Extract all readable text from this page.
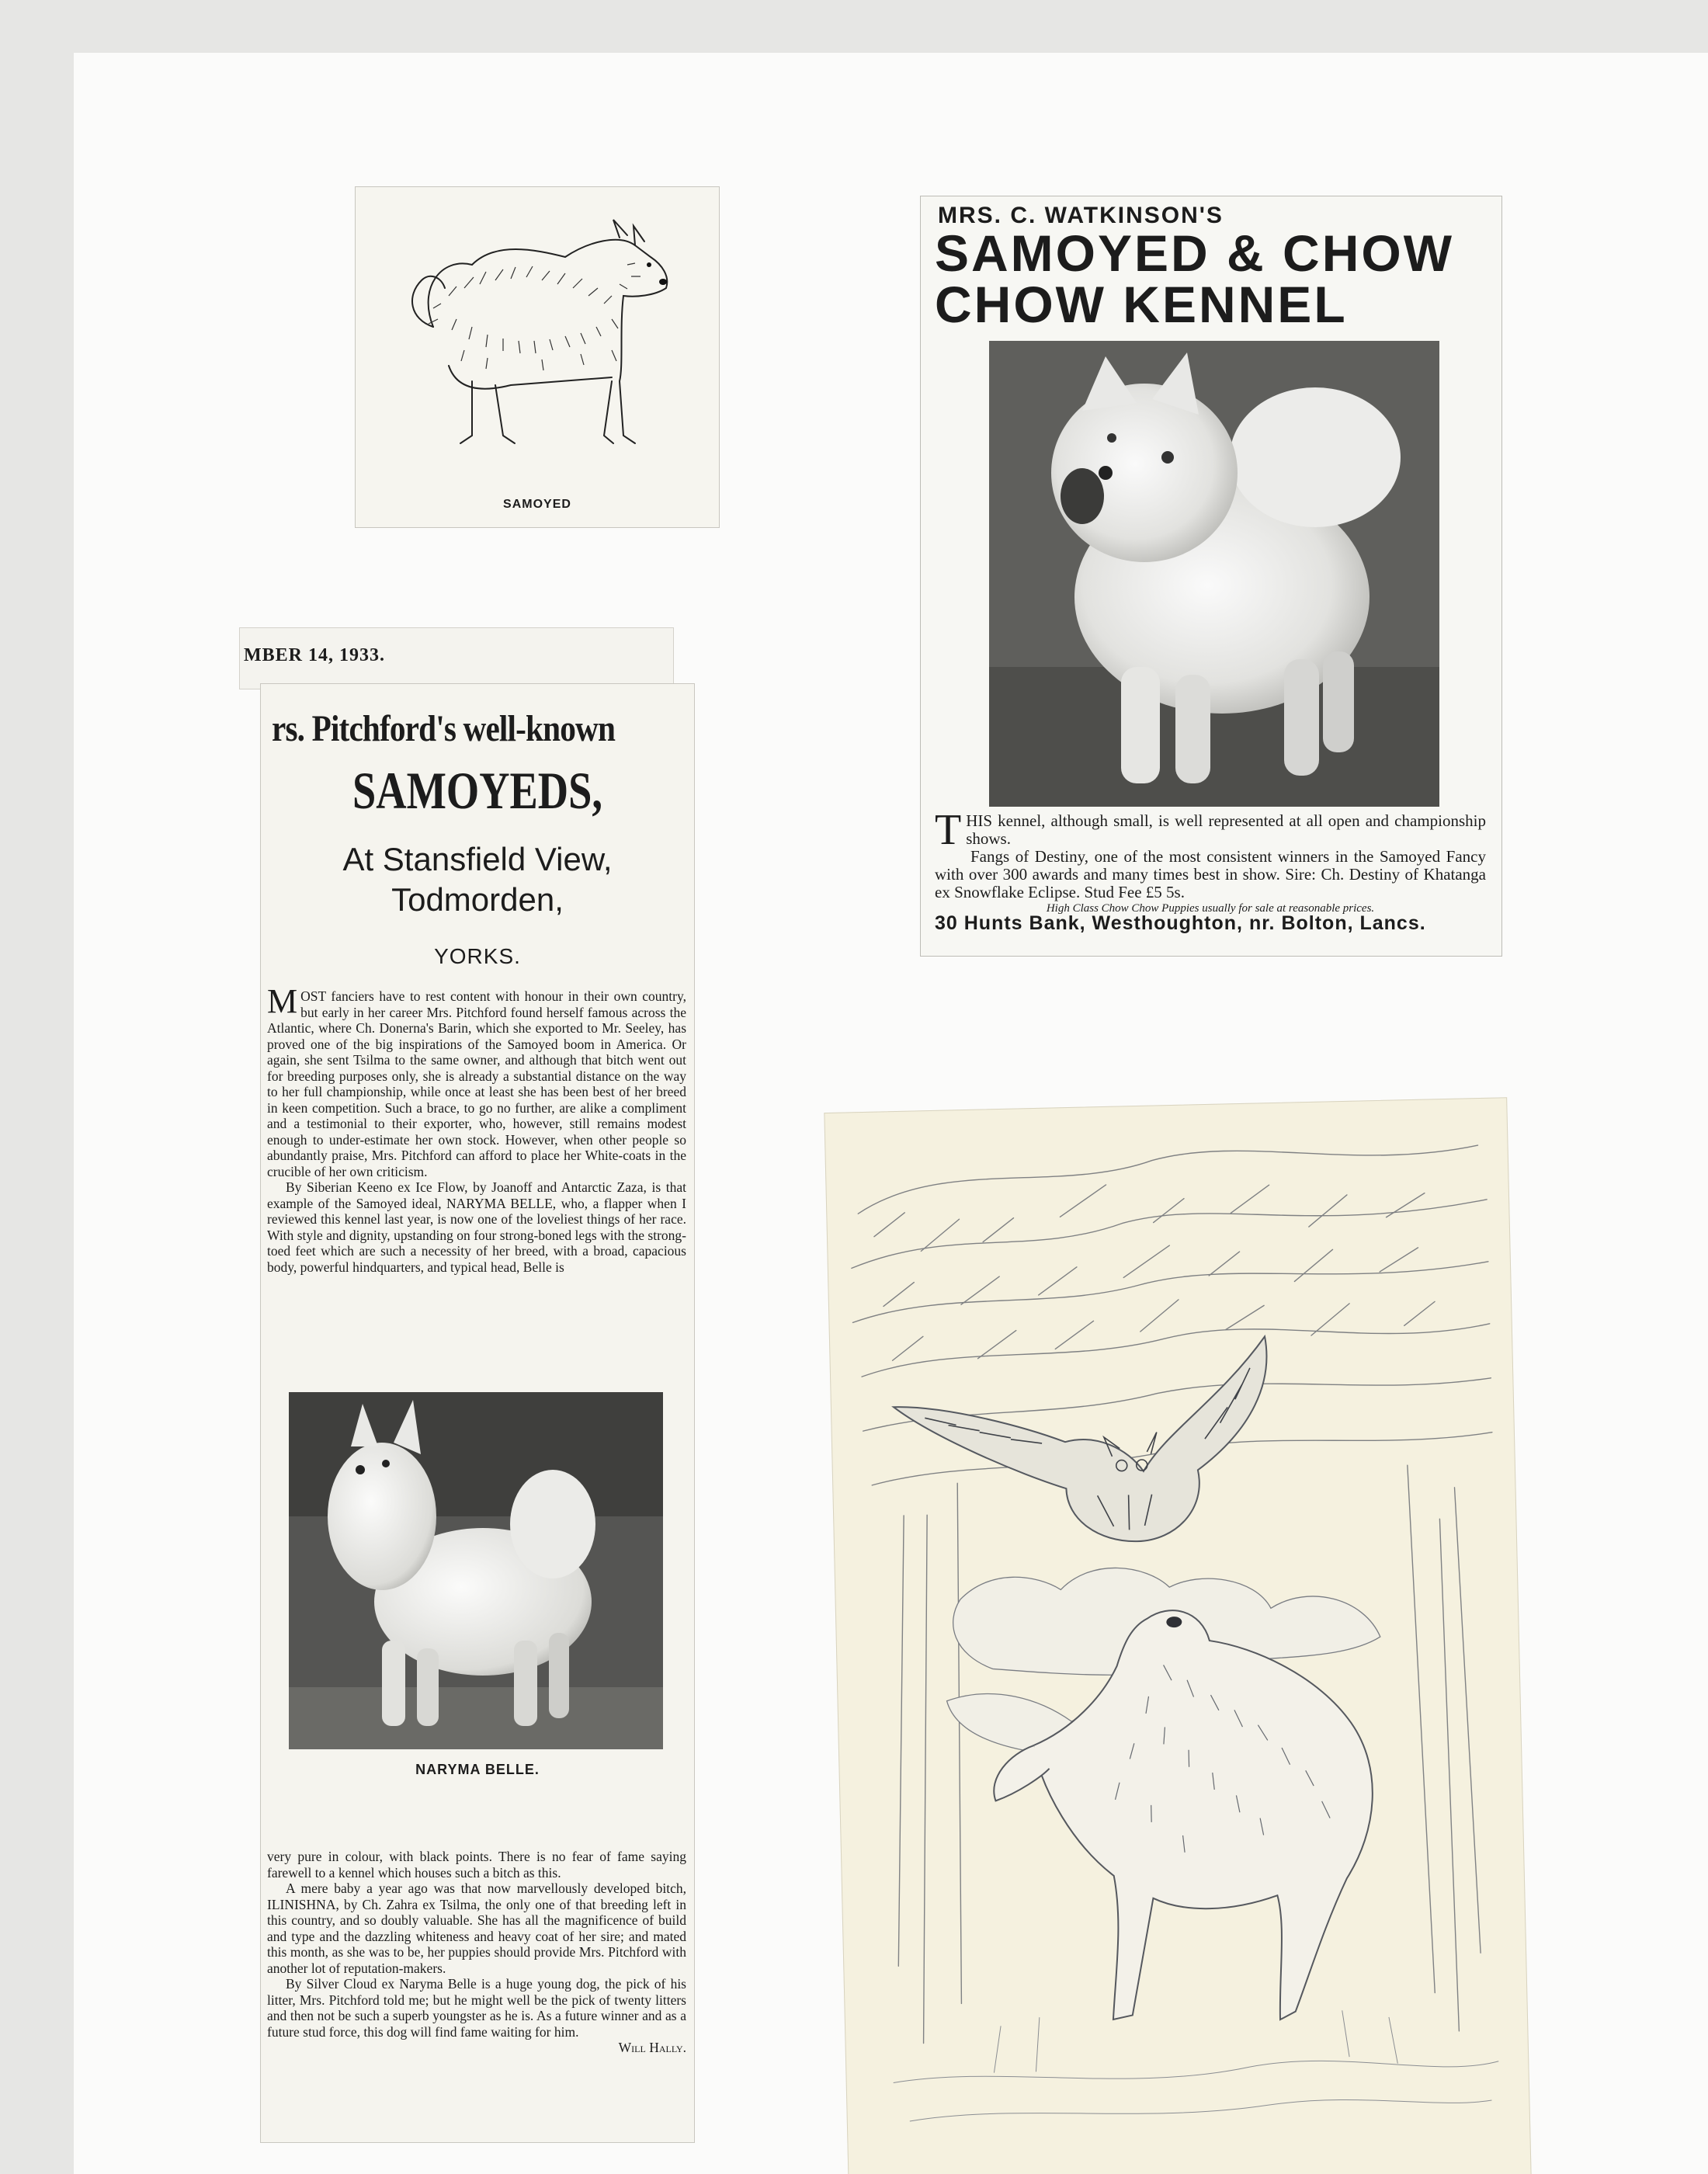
SAMOYED
MRS. C. WATKINSON'S
SAMOYED & CHOW
CHOW KENNEL
T HIS kennel, although small, is well represented at all open and championship shows.

Fangs of Destiny, one of the most consistent winners in the Samoyed Fancy with over 300 awards and many times best in show. Sire: Ch. Destiny of Khatanga ex Snowflake Eclipse. Stud Fee £5 5s.

High Class Chow Chow Puppies usually for sale at reasonable prices.

30 Hunts Bank, Westhoughton, nr. Bolton, Lancs.
MBER 14, 1933.
rs. Pitchford's well-known
SAMOYEDS,
At Stansfield View,
Todmorden,
YORKS.

MOST fanciers have to rest content with honour in their own country, but early in her career Mrs. Pitchford found herself famous across the Atlantic, where Ch. Donerna's Barin, which she exported to Mr. Seeley, has proved one of the big inspirations of the Samoyed boom in America. Or again, she sent Tsilma to the same owner, and although that bitch went out for breeding purposes only, she is already a substantial distance on the way to her full championship, while once at least she has been best of her breed in keen competition. Such a brace, to go no further, are alike a compliment and a testimonial to their exporter, who, however, still remains modest enough to under-estimate her own stock. However, when other people so abundantly praise, Mrs. Pitchford can afford to place her White-coats in the crucible of her own criticism.

By Siberian Keeno ex Ice Flow, by Joanoff and Antarctic Zaza, is that example of the Samoyed ideal, NARYMA BELLE, who, a flapper when I reviewed this kennel last year, is now one of the loveliest things of her race. With style and dignity, upstanding on four strong-boned legs with the strong-toed feet which are such a necessity of her breed, with a broad, capacious body, powerful hindquarters, and typical head, Belle is

NARYMA BELLE.

very pure in colour, with black points. There is no fear of fame saying farewell to a kennel which houses such a bitch as this.

A mere baby a year ago was that now marvellously developed bitch, ILINISHNA, by Ch. Zahra ex Tsilma, the only one of that breeding left in this country, and so doubly valuable. She has all the magnificence of build and type and the dazzling whiteness and heavy coat of her sire; and mated this month, as she was to be, her puppies should provide Mrs. Pitchford with another lot of reputation-makers.

By Silver Cloud ex Naryma Belle is a huge young dog, the pick of his litter, Mrs. Pitchford told me; but he might well be the pick of twenty litters and then not be such a superb youngster as he is. As a future winner and as a future stud force, this dog will find fame waiting for him.

Will Hally.
